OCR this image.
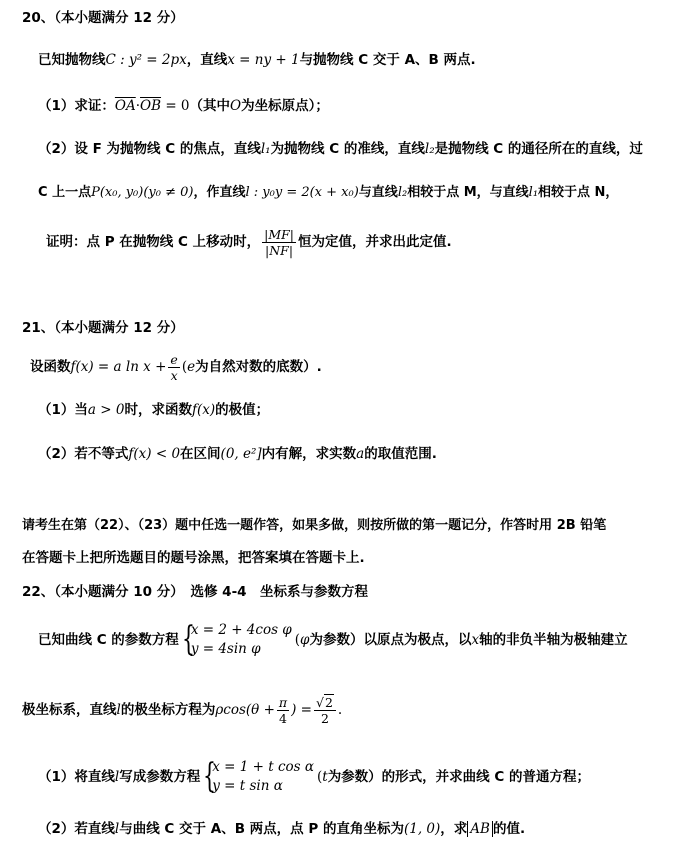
20、（本小题满分 12 分）
已知抛物线C : y² = 2px，直线x = ny + 1与抛物线 C 交于 A、B 两点.
（1）求证：$\overline{OA}\cdot\overline{OB} = 0$（其中O为坐标原点）；
（2）设 F 为抛物线 C 的焦点，直线l₁为抛物线 C 的准线，直线l₂是抛物线 C 的通径所在的直线，过
C 上一点P(x₀, y₀)(y₀ ≠ 0)，作直线l : y₀y = 2(x + x₀)与直线l₂相较于点 M，与直线l₁相较于点 N，
证明：点 P 在抛物线 C 上移动时， $\frac{|MF|}{|NF|}$ 恒为定值，并求出此定值.
21、（本小题满分 12 分）
设函数f(x) = a $\ln x + \frac{e}{x} (e$为自然对数的底数）.
（1）当a > 0时，求函数f(x)的极值；
（2）若不等式f(x) < 0在区间(0, e²]内有解，求实数a的取值范围.
请考生在第（22）、（23）题中任选一题作答，如果多做，则按所做的第一题记分，作答时用 2B 铅笔
在答题卡上把所选题目的题号涂黑，把答案填在答题卡上.
22、（本小题满分 10 分）　选修 4-4　坐标系与参数方程
已知曲线 C 的参数方程 {
x = 2 + 4cos φ
y = 4sin φ
(φ为参数）以原点为极点，以x轴的非负半轴为极轴建立
极坐标系，直线l的极坐标方程为$\rho\cos(\theta + \frac{\pi}{4}$ ) = $\frac{√2}{2}$ .
（1）将直线l写成参数方程 {
x = 1 + t cos α
y = t sin α
(t为参数）的形式，并求曲线 C 的普通方程；
（2）若直线l与曲线 C 交于 A、B 两点，点 P 的直角坐标为(1, 0)，求 AB 的值.
